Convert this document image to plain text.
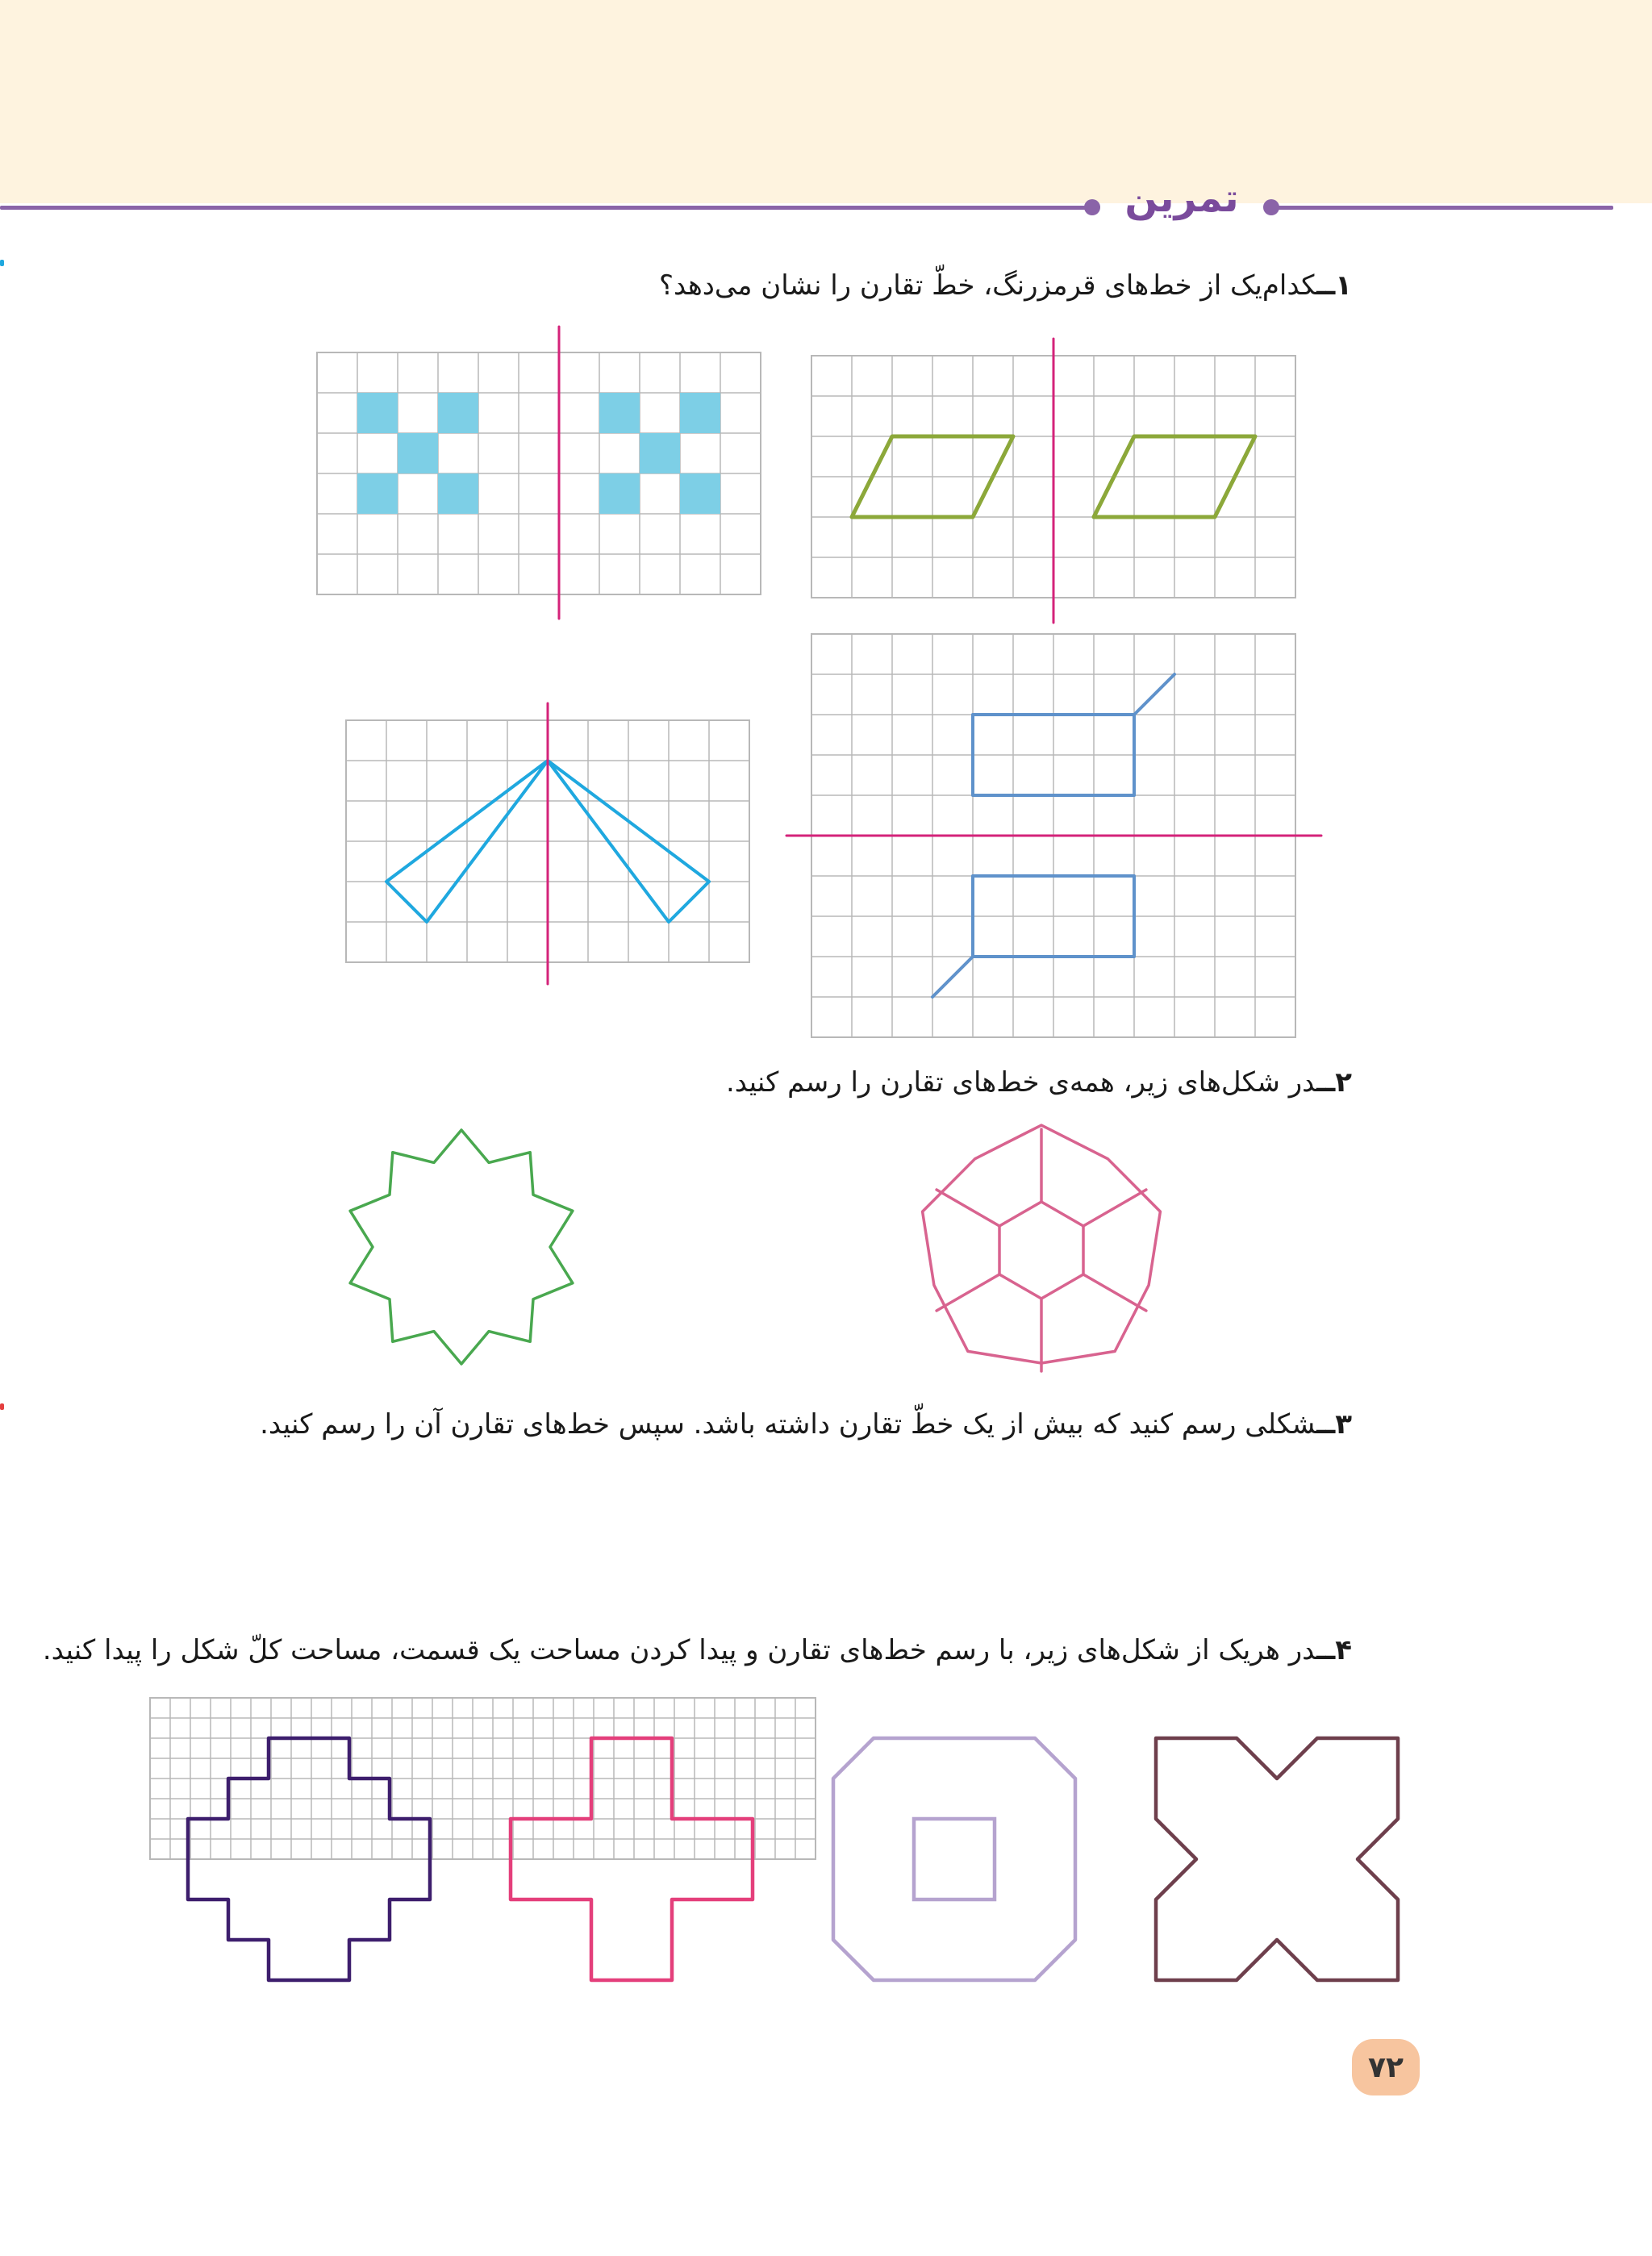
تمرین
۱ــکدام‌یک از خط‌های قرمزرنگ، خطّ تقارن را نشان می‌دهد؟
۲ــدر شکل‌های زیر، همه‌ی خط‌های تقارن را رسم کنید.
۳ــشکلی رسم کنید که بیش از یک خطّ تقارن داشته باشد. سپس خط‌های تقارن آن را رسم کنید.
۴ــدر هریک از شکل‌های زیر، با رسم خط‌های تقارن و پیدا کردن مساحت یک قسمت، مساحت کلّ شکل را پیدا کنید.
۷۲
